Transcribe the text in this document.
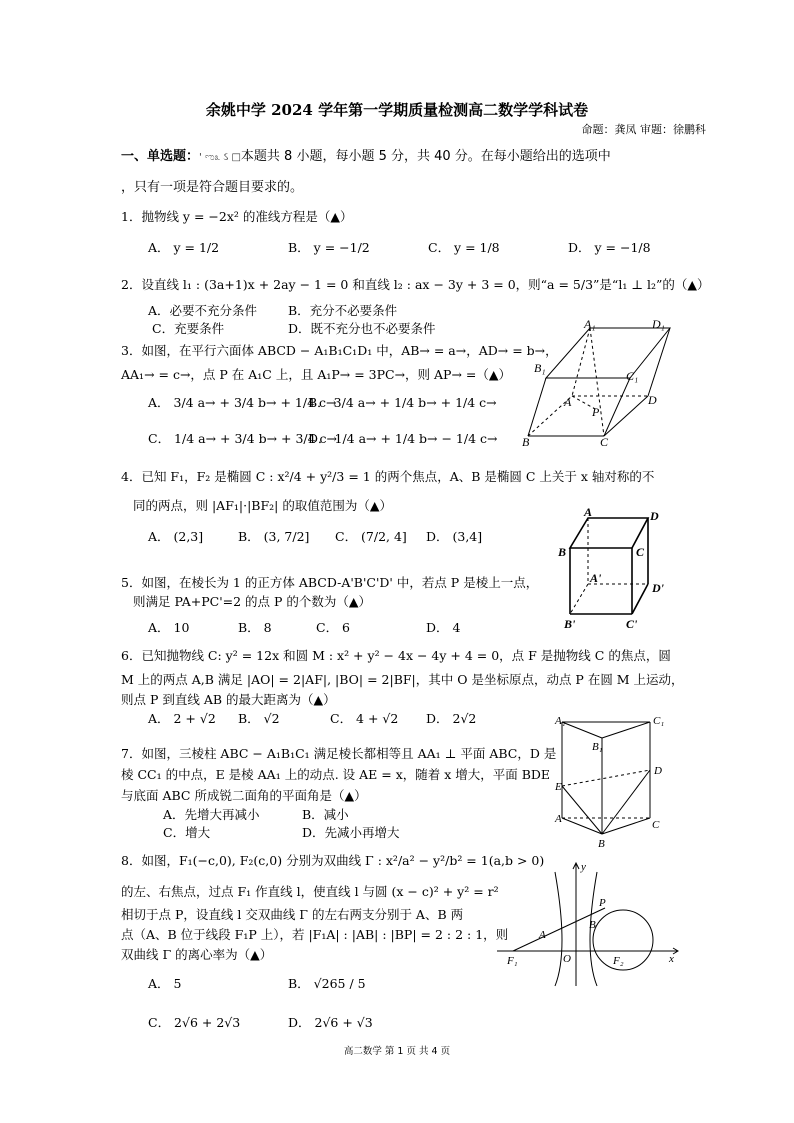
余姚中学 2024 学年第一学期质量检测高二数学学科试卷
命题：龚凤 审题：徐鹏科
一、单选题：' ಌ೩ ઽ □本题共 8 小题，每小题 5 分，共 40 分。在每小题给出的选项中
，只有一项是符合题目要求的。
1．抛物线 y = −2x² 的准线方程是（▲）
A． y = 1/2	B． y = −1/2	C． y = 1/8	D． y = −1/8
2．设直线 l₁ : (3a+1)x + 2ay − 1 = 0 和直线 l₂ : ax − 3y + 3 = 0，则“a = 5/3”是“l₁ ⊥ l₂”的（▲）
A．必要不充分条件 B．充分不必要条件
C．充要条件	D．既不充分也不必要条件
3．如图，在平行六面体 ABCD − A₁B₁C₁D₁ 中，AB→ = a→，AD→ = b→，
AA₁→ = c→，点 P 在 A₁C 上，且 A₁P→ = 3PC→，则 AP→ =（▲）
A． 3/4 a→ + 3/4 b→ + 1/4 c→
B． 3/4 a→ + 1/4 b→ + 1/4 c→
C． 1/4 a→ + 3/4 b→ + 3/4 c→
D． 1/4 a→ + 1/4 b→ − 1/4 c→
A₁	D₁
B₁
C₁
A
P
D
B	C
4．已知 F₁，F₂ 是椭圆 C : x²/4 + y²/3 = 1 的两个焦点，A、B 是椭圆 C 上关于 x 轴对称的不
同的两点，则 |AF₁|·|BF₂| 的取值范围为（▲）
A． (2,3]	B． (3, 7/2] C． (7/2, 4] D． (3,4]
A	D
B	C
A'
D'
B'	C'
5．如图，在棱长为 1 的正方体 ABCD-A'B'C'D' 中，若点 P 是棱上一点，
则满足 PA+PC'=2 的点 P 的个数为（▲）
A． 10	B． 8	C． 6	D． 4
6．已知抛物线 C: y² = 12x 和圆 M : x² + y² − 4x − 4y + 4 = 0，点 F 是抛物线 C 的焦点，圆
M 上的两点 A,B 满足 |AO| = 2|AF|, |BO| = 2|BF|，其中 O 是坐标原点，动点 P 在圆 M 上运动，
则点 P 到直线 AB 的最大距离为（▲）
A． 2 + √2 B． √2	C． 4 + √2 D． 2√2	A₁	C₁
B₁
D
E
A	C
B
7．如图，三棱柱 ABC − A₁B₁C₁ 满足棱长都相等且 AA₁ ⊥ 平面 ABC，D 是
棱 CC₁ 的中点，E 是棱 AA₁ 上的动点. 设 AE = x，随着 x 增大，平面 BDE
与底面 ABC 所成锐二面角的平面角是（▲）
A．先增大再减小	B．减小
C．增大	D．先减小再增大
8．如图，F₁(−c,0), F₂(c,0) 分别为双曲线 Γ : x²/a² − y²/b² = 1(a,b > 0)
的左、右焦点，过点 F₁ 作直线 l，使直线 l 与圆 (x − c)² + y² = r²
相切于点 P，设直线 l 交双曲线 Γ 的左右两支分别于 A、B 两
点（A、B 位于线段 F₁P 上），若 |F₁A| : |AB| : |BP| = 2 : 2 : 1，则
双曲线 Γ 的离心率为（▲）
A． 5	B． √265 / 5
C． 2√6 + 2√3	D． 2√6 + √3
y
x
O
F₁	F₂
A
B
P
高二数学 第 1 页 共 4 页
